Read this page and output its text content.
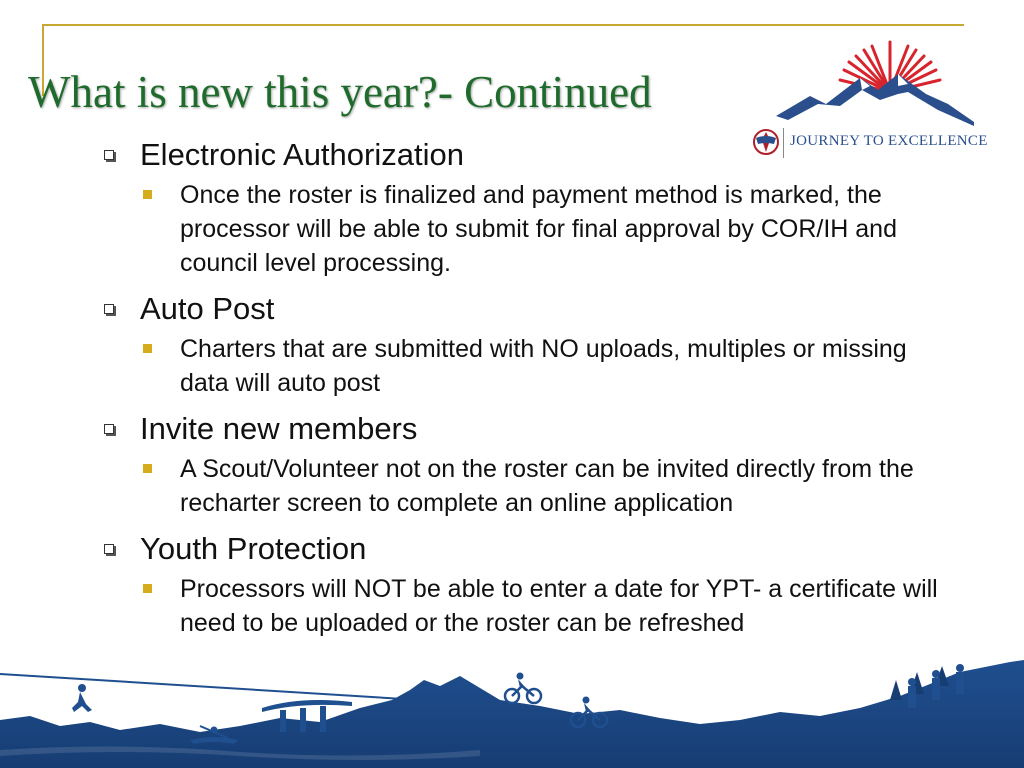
What is new this year?- Continued
JOURNEY TO EXCELLENCE
Electronic Authorization
Once the roster is finalized and payment method is marked, the processor will be able to submit for final approval by COR/IH and council level processing.
Auto Post
Charters that are submitted with NO uploads, multiples or missing data will auto post
Invite new members
A Scout/Volunteer not on the roster can be invited directly from the recharter screen to complete an online application
Youth Protection
Processors will NOT be able to enter a date for YPT- a certificate will need to be uploaded or the roster can be refreshed
